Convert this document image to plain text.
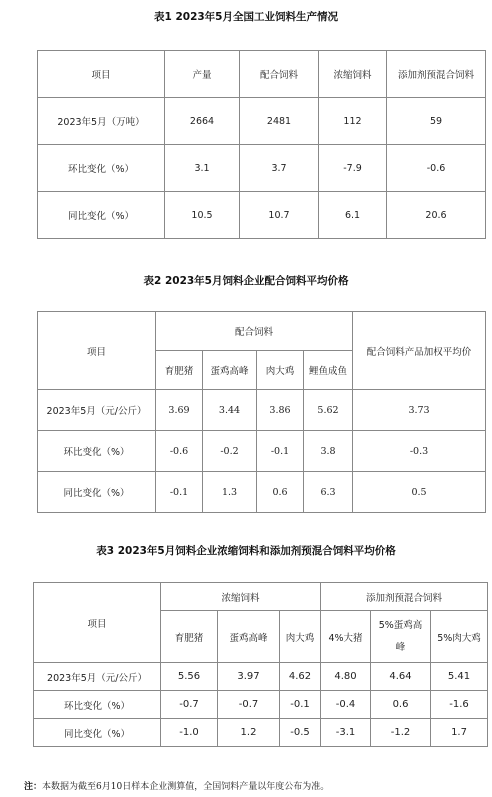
表1 2023年5月全国工业饲料生产情况
项目	产量	配合饲料	浓缩饲料	添加剂预混合饲料
2023年5月（万吨）	2664	2481	112	59
环比变化（%）	3.1	3.7	-7.9	-0.6
同比变化（%）	10.5	10.7	6.1	20.6
表2 2023年5月饲料企业配合饲料平均价格
项目	配合饲料				配合饲料产品加权平均价
	育肥猪	蛋鸡高峰	肉大鸡	鲤鱼成鱼	
2023年5月（元/公斤）	3.69	3.44	3.86	5.62	3.73
环比变化（%）	-0.6	-0.2	-0.1	3.8	-0.3
同比变化（%）	-0.1	1.3	0.6	6.3	0.5
表3 2023年5月饲料企业浓缩饲料和添加剂预混合饲料平均价格
项目	浓缩饲料			添加剂预混合饲料		
	育肥猪	蛋鸡高峰	肉大鸡	4%大猪	5%蛋鸡高峰	5%肉大鸡
2023年5月（元/公斤）	5.56	3.97	4.62	4.80	4.64	5.41
环比变化（%）	-0.7	-0.7	-0.1	-0.4	0.6	-1.6
同比变化（%）	-1.0	1.2	-0.5	-3.1	-1.2	1.7
注：本数据为截至6月10日样本企业测算值，全国饲料产量以年度公布为准。
